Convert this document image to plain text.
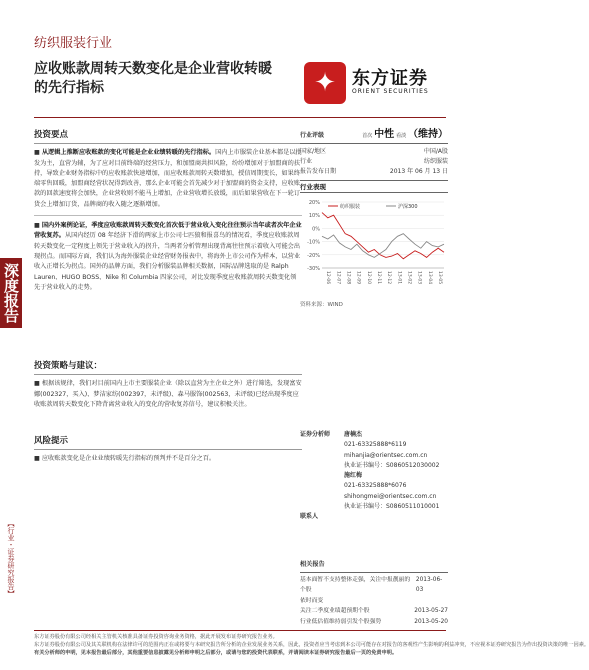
纺织服装行业
应收账款周转天数变化是企业营收转暖
的先行指标	✦ 东方证券
ORIENT SECURITIES
深度报告
【行业・证券研究报告】
投资要点
■ 从逻辑上推断应收账款的变化可能是企业业绩转暖的先行指标。国内上市服装企业基本都是以批发为主，直营为辅，为了应对目前终端的经营压力，和加盟商共担风险，纷纷增加对于加盟商的扶持，导致企业财务指标中的应收账款快速增加，而应收账款周转天数增加，授信周期变长，如果终端零售回暖，加盟商经营状况得到改善，那么企业可能会首先减少对于加盟商的资金支持，应收账款的回款速度将会加快，企业营收则不能马上增加，企业营收增长放缓，而后如果营收在下一轮订货会上增加订货，品牌商的收入随之逐渐增加。
■ 国内外案例论证，季度应收账款周转天数变化首次低于营业收入变化往往预示当年或者次年企业营收复苏。从国内经历 08 年经济下滑的两家上市公司七匹狼和报喜鸟的情况看，季度应收账款周转天数变化一定程度上领先于营业收入的拐升，当两者分析管理出现背离往往预示着收入可能会出现拐点。而国际方面，我们认为海外服装企业经营财务报表中，将海外上市公司作为样本，以营业收入正增长为拐点。国外的品牌方面，我们分析服装品牌相关数据，国际品牌选取的是 Ralph Lauren、HUGO BOSS、Nike 和 Columbia 四家公司，对比发现季度应收账款周转天数变化领先于营业收入的走势。
投资策略与建议：
■ 根据该规律，我们对目前国内上市主要服装企业（除以直营为主企业之外）进行筛选，发现富安娜(002327，买入)、梦洁家纺(002397，未评级)、森马服饰(002563，未评级)已经出现季度应收账款周转天数变化下降背离营业收入的变化的营收复苏信号，建议积极关注。
风险提示
■ 应收账款变化是企业业绩转暖先行指标的预判并不是百分之百。
行业评级	首次 中性 看淡 （维持）
国家/地区	中国/A股
行业	纺织服装
报告发布日期	2013 年 06 月 13 日
行业表现
20%
10%
0%
-10%
-20%
-30%
12-06 12-07 12-08 12-09 12-10 12-11 12-12 13-01 13-02 13-03 13-04 13-05
纺织服装	沪深300
资料来源：WIND
证券分析师	唐楠杰
021-63325888*6119
mihanjia@orientsec.com.cn
执业证书编号：S0860512030002
施红梅
021-63325888*6076
shihongmei@orientsec.com.cn
执业证书编号：S0860511010001
联系人
相关报告
基本面暂不支持整体走强，关注中报靓丽的个股
2013-06-03
依时而变
关注二季度业绩超预期个股	2013-05-27
行业低估值维持弱引发个股强势	2013-05-20
东方证券股份有限公司经相关主管机关核准具备证券投资咨询业务资格，据此开展发布证券研究报告业务。
东方证券股份有限公司及其关联机构在法律许可的范围内正在或将要与本研究报告所分析的企业发展业务关系，因此，投资者应当考虑到本公司可能存在对报告的客观性产生影响的利益冲突，不应视本证券研究报告为作出投资决策的唯一因素。
有关分析师的申明，见本报告最后部分，其他重要信息披露见分析师申明之后部分，或请与您的投资代表联系，并请阅读本证券研究报告最后一页的免责申明。
